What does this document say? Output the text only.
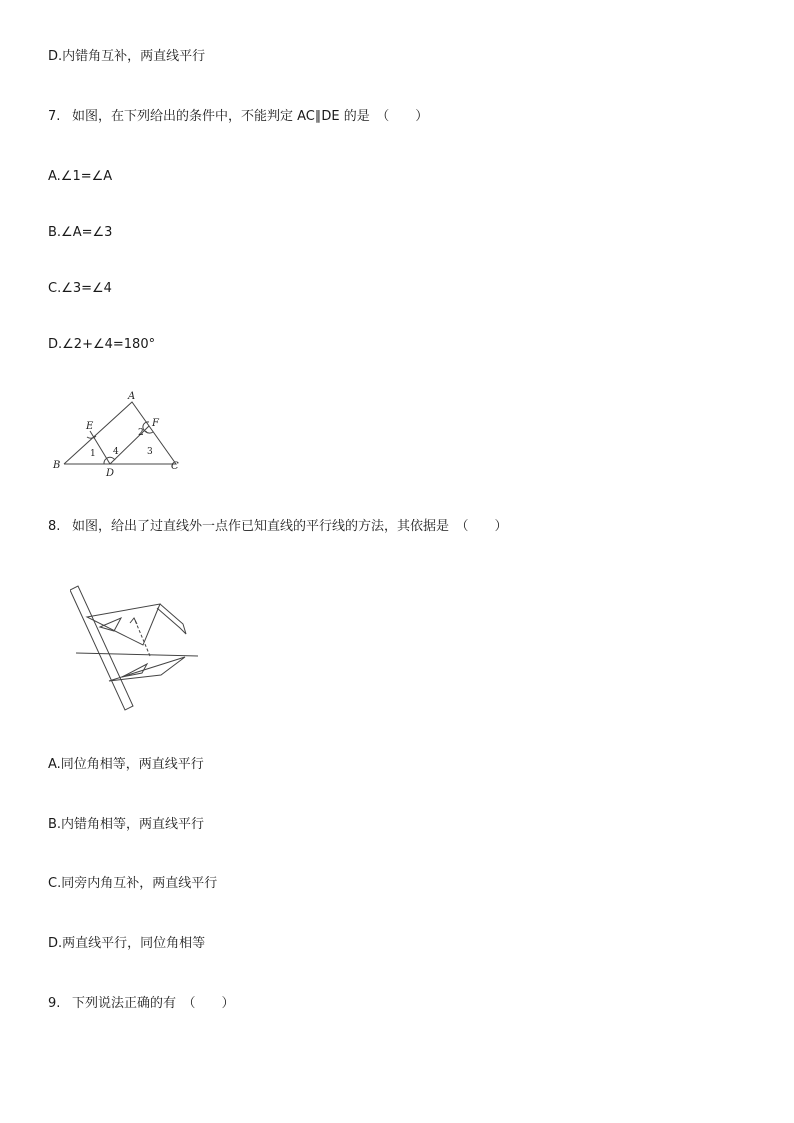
D.内错角互补，两直线平行
7. 如图，在下列给出的条件中，不能判定 AC∥DE 的是　（　　）
A.∠1=∠A
B.∠A=∠3
C.∠3=∠4
D.∠2+∠4=180°
A
B	C
D
E	F
1
2
3
4
8. 如图，给出了过直线外一点作已知直线的平行线的方法，其依据是　（　　）
A.同位角相等，两直线平行
B.内错角相等，两直线平行
C.同旁内角互补，两直线平行
D.两直线平行，同位角相等
9. 下列说法正确的有　（　　）
